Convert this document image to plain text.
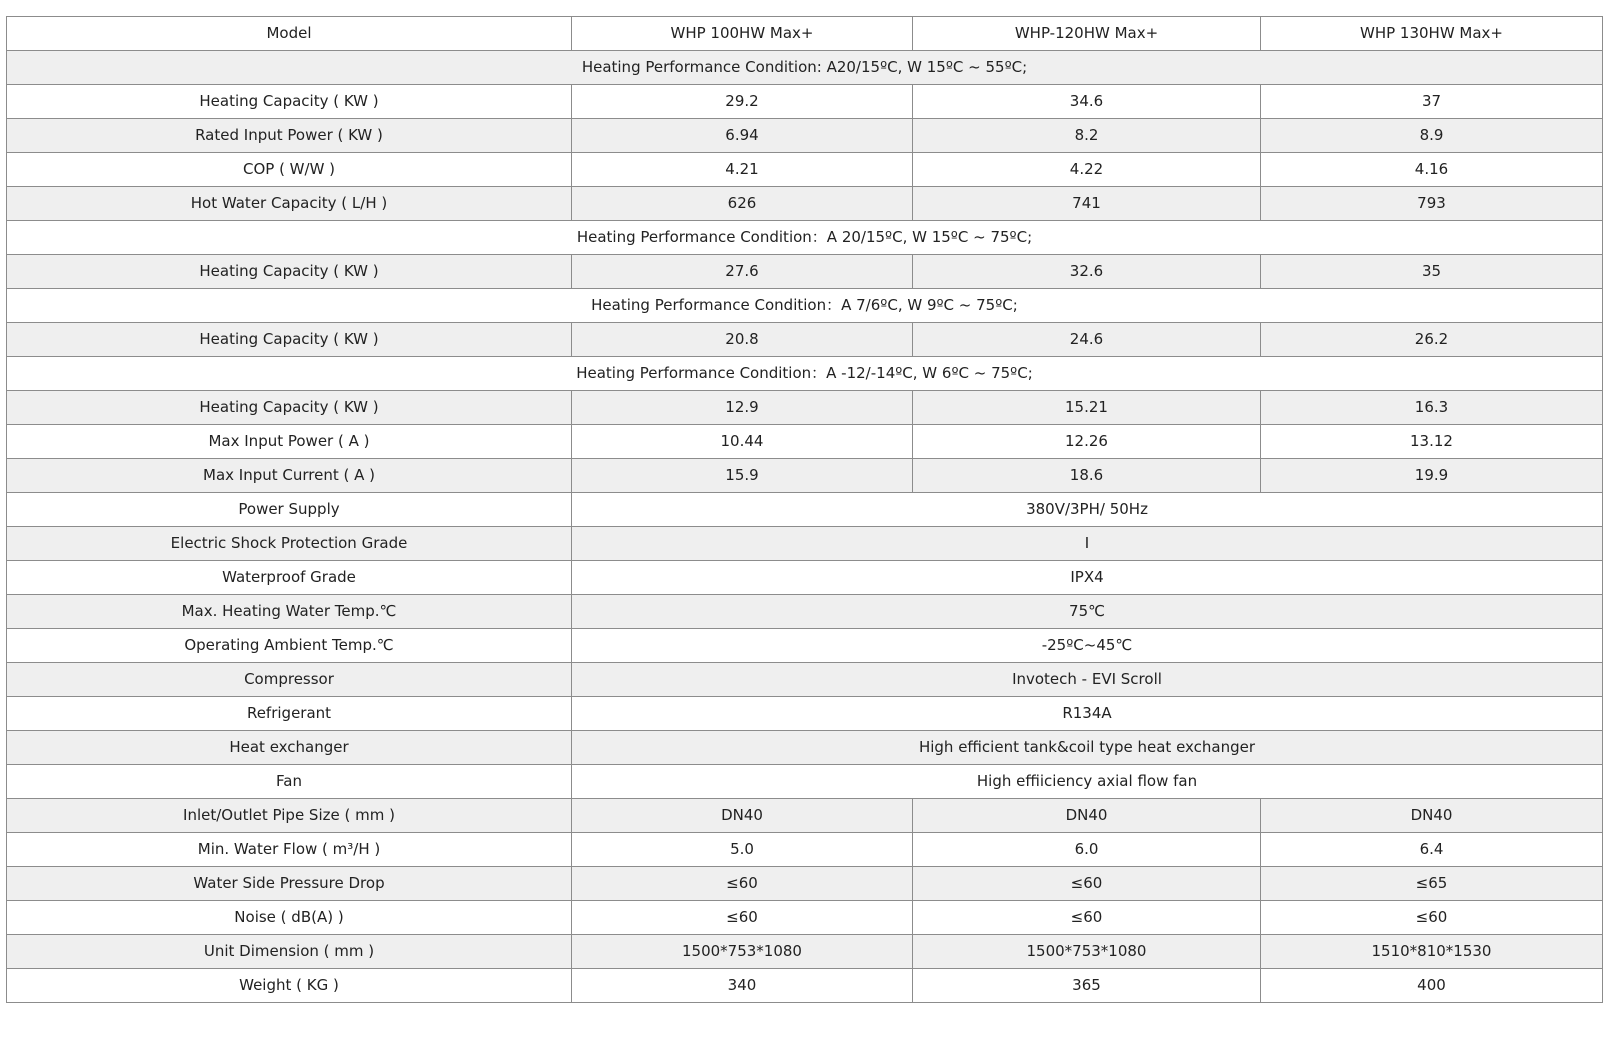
Model	WHP 100HW Max+	WHP-120HW Max+	WHP 130HW Max+
Heating Performance Condition: A20/15ºC, W 15ºC ~ 55ºC;			
Heating Capacity ( KW )	29.2	34.6	37
Rated Input Power ( KW )	6.94	8.2	8.9
COP ( W/W )	4.21	4.22	4.16
Hot Water Capacity ( L/H )	626	741	793
Heating Performance Condition：A 20/15ºC, W 15ºC ~ 75ºC;			
Heating Capacity ( KW )	27.6	32.6	35
Heating Performance Condition：A 7/6ºC, W 9ºC ~ 75ºC;			
Heating Capacity ( KW )	20.8	24.6	26.2
Heating Performance Condition：A -12/-14ºC, W 6ºC ~ 75ºC;			
Heating Capacity ( KW )	12.9	15.21	16.3
Max Input Power ( A )	10.44	12.26	13.12
Max Input Current ( A )	15.9	18.6	19.9
Power Supply	380V/3PH/ 50Hz		
Electric Shock Protection Grade	I		
Waterproof Grade	IPX4		
Max. Heating Water Temp.℃	75℃		
Operating Ambient Temp.℃	-25ºC~45℃		
Compressor	Invotech - EVI Scroll		
Refrigerant	R134A		
Heat exchanger	High efficient tank&coil type heat exchanger		
Fan	High effiiciency axial flow fan		
Inlet/Outlet Pipe Size ( mm )	DN40	DN40	DN40
Min. Water Flow ( m³/H )	5.0	6.0	6.4
Water Side Pressure Drop	≤60	≤60	≤65
Noise ( dB(A) )	≤60	≤60	≤60
Unit Dimension ( mm )	1500*753*1080	1500*753*1080	1510*810*1530
Weight ( KG )	340	365	400
